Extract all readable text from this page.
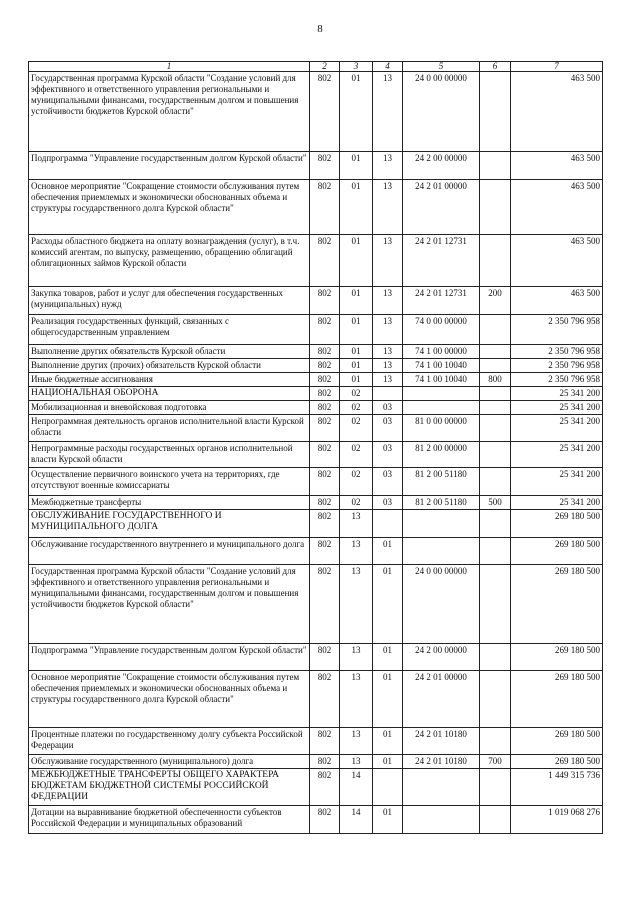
8
1	2	3	4	5	6	7
Государственная программа Курской области "Создание условий для эффективного и ответственного управления региональными и муниципальными финансами, государственным долгом и повышения устойчивости бюджетов Курской области"	802	01	13	24 0 00 00000		463 500
Подпрограмма "Управление государственным долгом Курской области"	802	01	13	24 2 00 00000		463 500
Основное мероприятие "Сокращение стоимости обслуживания путем обеспечения приемлемых и экономически обоснованных объема и структуры государственного долга Курской области"	802	01	13	24 2 01 00000		463 500
Расходы областного бюджета на оплату вознаграждения (услуг), в т.ч. комиссий агентам, по выпуску, размещению, обращению облигаций облигационных займов Курской области	802	01	13	24 2 01 12731		463 500
Закупка товаров, работ и услуг для обеспечения государственных (муниципальных) нужд	802	01	13	24 2 01 12731	200	463 500
Реализация государственных функций, связанных с общегосударственным управлением	802	01	13	74 0 00 00000		2 350 796 958
Выполнение других обязательств Курской области	802	01	13	74 1 00 00000		2 350 796 958
Выполнение других (прочих) обязательств Курской области	802	01	13	74 1 00 10040		2 350 796 958
Иные бюджетные ассигнования	802	01	13	74 1 00 10040	800	2 350 796 958
НАЦИОНАЛЬНАЯ ОБОРОНА	802	02				25 341 200
Мобилизационная и вневойсковая подготовка	802	02	03			25 341 200
Непрограммная деятельность органов исполнительной власти Курской области	802	02	03	81 0 00 00000		25 341 200
Непрограммные расходы государственных органов исполнительной власти Курской области	802	02	03	81 2 00 00000		25 341 200
Осуществление первичного воинского учета на территориях, где отсутствуют военные комиссариаты	802	02	03	81 2 00 51180		25 341 200
Межбюджетные трансферты	802	02	03	81 2 00 51180	500	25 341 200
ОБСЛУЖИВАНИЕ ГОСУДАРСТВЕННОГО И МУНИЦИПАЛЬНОГО ДОЛГА	802	13				269 180 500
Обслуживание государственного внутреннего и муниципального долга	802	13	01			269 180 500
Государственная программа Курской области "Создание условий для эффективного и ответственного управления региональными и муниципальными финансами, государственным долгом и повышения устойчивости бюджетов Курской области"	802	13	01	24 0 00 00000		269 180 500
Подпрограмма "Управление государственным долгом Курской области"	802	13	01	24 2 00 00000		269 180 500
Основное мероприятие "Сокращение стоимости обслуживания путем обеспечения приемлемых и экономически обоснованных объема и структуры государственного долга Курской области"	802	13	01	24 2 01 00000		269 180 500
Процентные платежи по государственному долгу субъекта Российской Федерации	802	13	01	24 2 01 10180		269 180 500
Обслуживание государственного (муниципального) долга	802	13	01	24 2 01 10180	700	269 180 500
МЕЖБЮДЖЕТНЫЕ ТРАНСФЕРТЫ ОБЩЕГО ХАРАКТЕРА БЮДЖЕТАМ БЮДЖЕТНОЙ СИСТЕМЫ РОССИЙСКОЙ ФЕДЕРАЦИИ	802	14				1 449 315 736
Дотации на выравнивание бюджетной обеспеченности субъектов Российской Федерации и муниципальных образований	802	14	01			1 019 068 276
